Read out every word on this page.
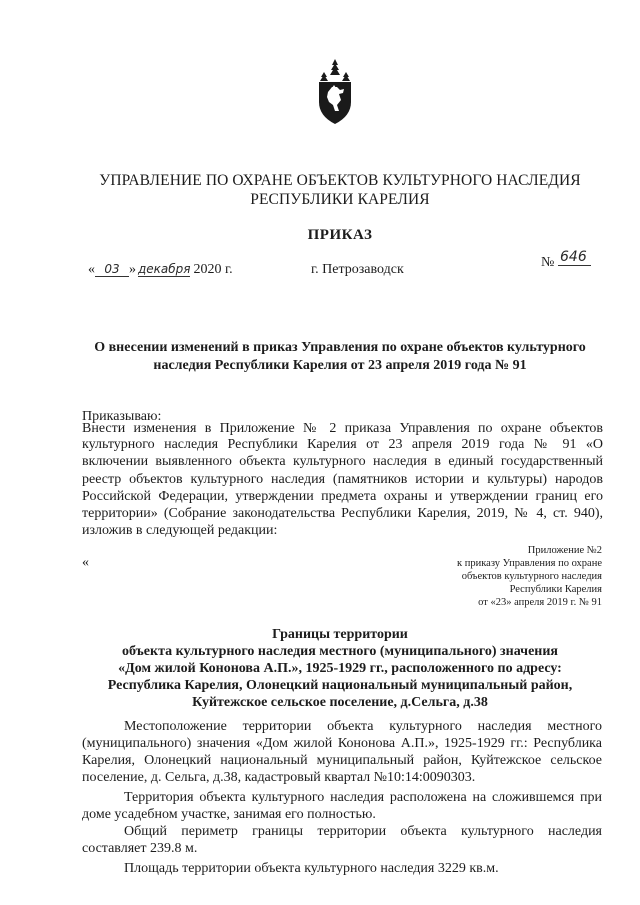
УПРАВЛЕНИЕ ПО ОХРАНЕ ОБЪЕКТОВ КУЛЬТУРНОГО НАСЛЕДИЯ
РЕСПУБЛИКИ КАРЕЛИЯ
ПРИКАЗ
« 03 » декабря 2020 г.	г. Петрозаводск	№ 646
О внесении изменений в приказ Управления по охране объектов культурного
наследия Республики Карелия от 23 апреля 2019 года № 91
Приказываю:
Внести изменения в Приложение № 2 приказа Управления по охране объектов
культурного наследия Республики Карелия от 23 апреля 2019 года № 91 «О
включении выявленного объекта культурного наследия в единый государственный
реестр объектов культурного наследия (памятников истории и культуры) народов
Российской Федерации, утверждении предмета охраны и утверждении границ его
территории» (Собрание законодательства Республики Карелия, 2019, № 4, ст. 940),
изложив в следующей редакции:
«
Приложение №2
к приказу Управления по охране
объектов культурного наследия
Республики Карелия
от «23» апреля 2019 г. № 91
Границы территории
объекта культурного наследия местного (муниципального) значения
«Дом жилой Кононова А.П.», 1925-1929 гг., расположенного по адресу:
Республика Карелия, Олонецкий национальный муниципальный район,
Куйтежское сельское поселение, д.Сельга, д.38
Местоположение территории объекта культурного наследия местного
(муниципального) значения «Дом жилой Кононова А.П.», 1925-1929 гг.: Республика
Карелия, Олонецкий национальный муниципальный район, Куйтежское сельское
поселение, д. Сельга, д.38, кадастровый квартал №10:14:0090303.
Территория объекта культурного наследия расположена на сложившемся при
доме усадебном участке, занимая его полностью.
Общий периметр границы территории объекта культурного наследия
составляет 239.8 м.
Площадь территории объекта культурного наследия 3229 кв.м.
